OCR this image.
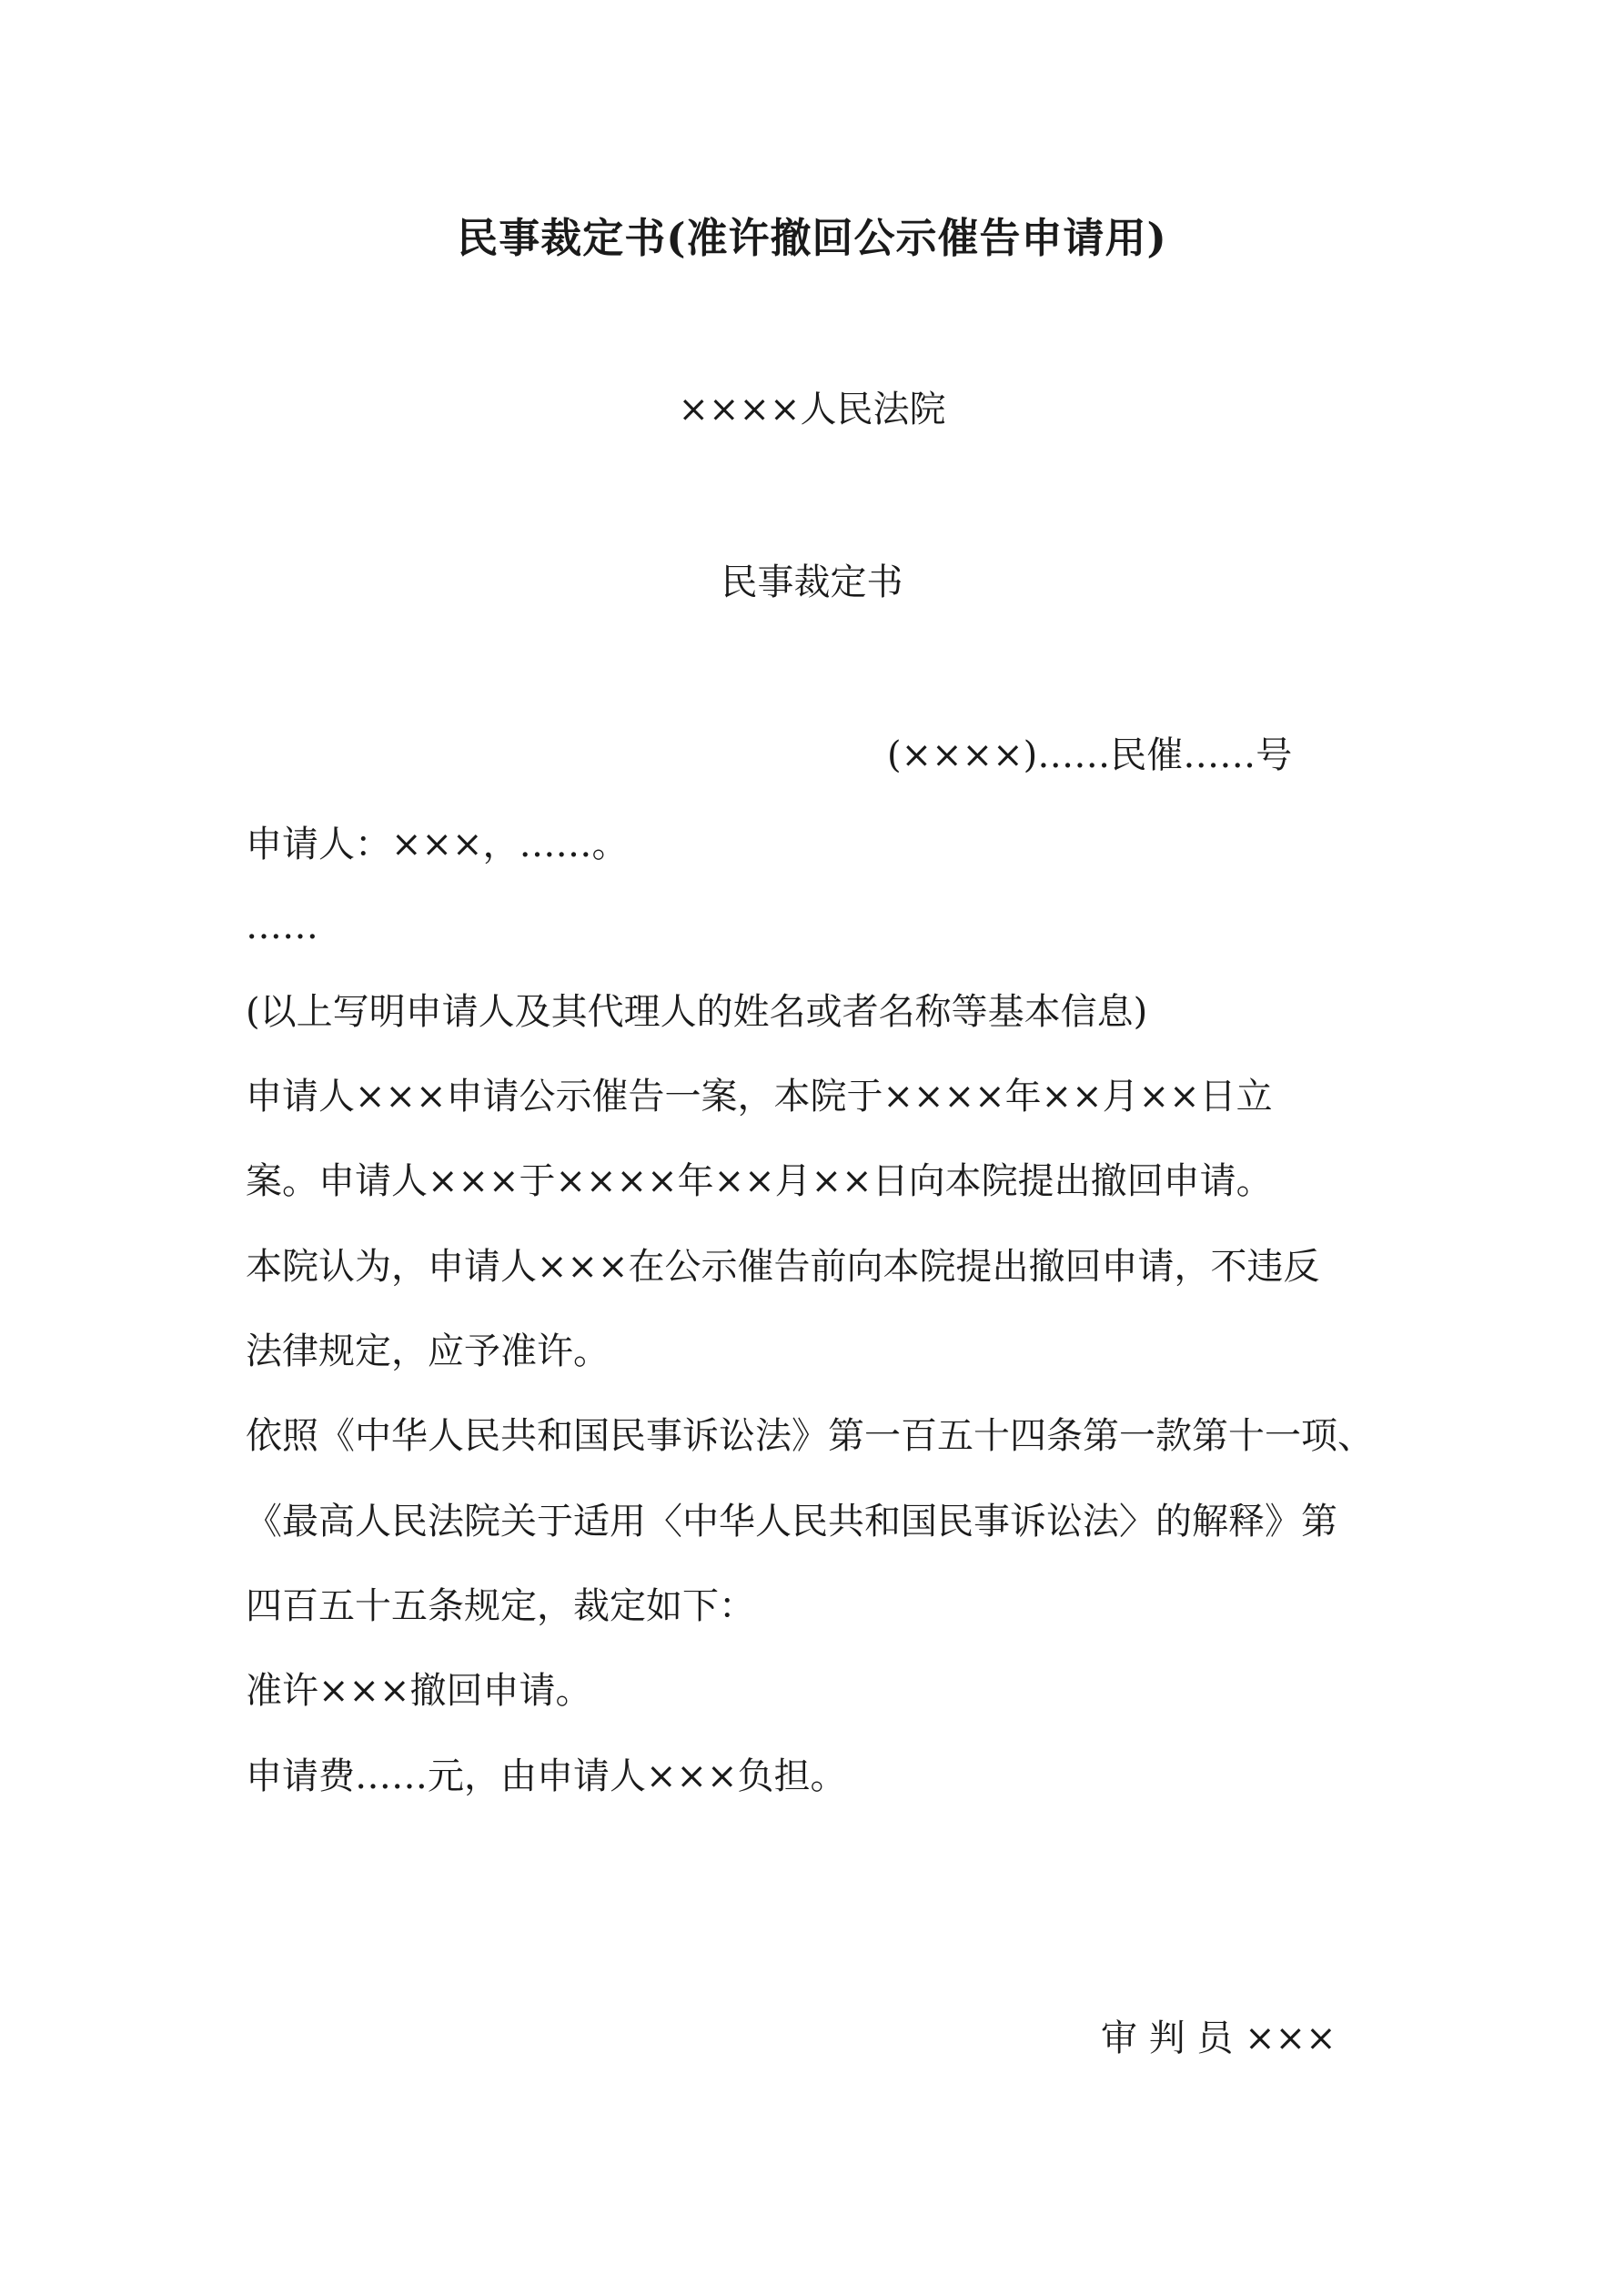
民事裁定书(准许撤回公示催告申请用)
××××人民法院
民事裁定书
(××××)……民催……号
申请人：×××，……。
……
(以上写明申请人及其代理人的姓名或者名称等基本信息)
申请人×××申请公示催告一案，本院于××××年××月××日立
案。申请人×××于××××年××月××日向本院提出撤回申请。
本院认为，申请人×××在公示催告前向本院提出撤回申请，不违反
法律规定，应予准许。
依照《中华人民共和国民事诉讼法》第一百五十四条第一款第十一项、
《最高人民法院关于适用〈中华人民共和国民事诉讼法〉的解释》第
四百五十五条规定，裁定如下：
准许×××撤回申请。
申请费……元，由申请人×××负担。
审 判 员 ×××
